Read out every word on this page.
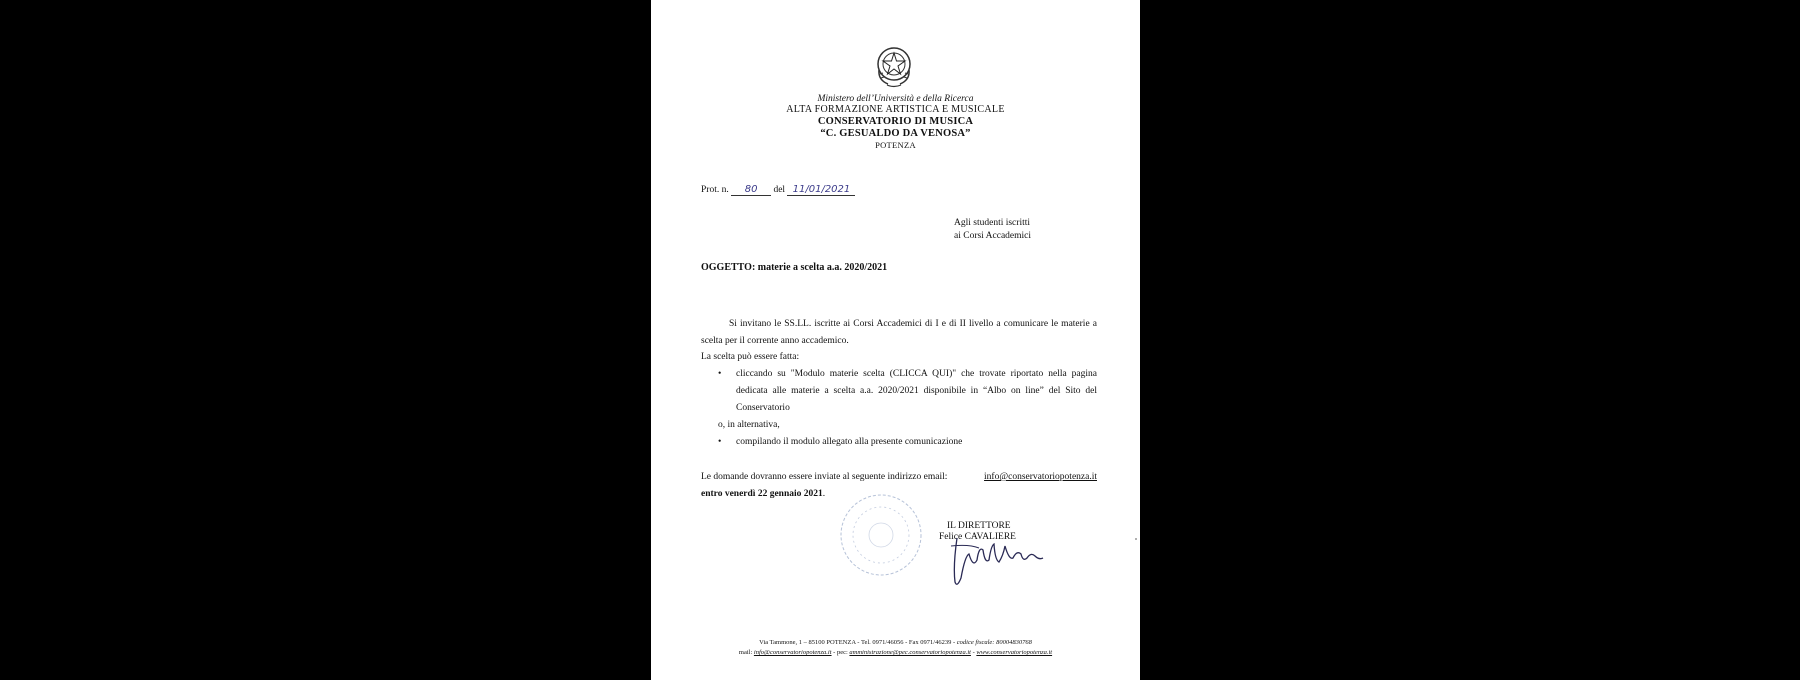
Ministero dell’Università e della Ricerca
ALTA FORMAZIONE ARTISTICA E MUSICALE
CONSERVATORIO DI MUSICA
“C. GESUALDO DA VENOSA”
POTENZA
Prot. n. 80 del 11/01/2021
Agli studenti iscritti
ai Corsi Accademici
OGGETTO: materie a scelta a.a. 2020/2021
Si invitano le SS.LL. iscritte ai Corsi Accademici di I e di II livello a comunicare le materie a scelta per il corrente anno accademico.
La scelta può essere fatta:
• cliccando su "Modulo materie scelta (CLICCA QUI)" che trovate riportato nella pagina dedicata alle materie a scelta a.a. 2020/2021 disponibile in “Albo on line” del Sito del Conservatorio
o, in alternativa,
• compilando il modulo allegato alla presente comunicazione
Le domande dovranno essere inviate al seguente indirizzo email:	info@conservatoriopotenza.it
entro venerdì 22 gennaio 2021.
IL DIRETTORE
Felice CAVALIERE
Via Tammone, 1 – 85100 POTENZA - Tel. 0971/46056 - Fax 0971/46239 - codice fiscale: 80004830768
mail: info@conservatoriopotenza.it - pec: amministrazione@pec.conservatoriopotenza.it - www.conservatoriopotenza.it
